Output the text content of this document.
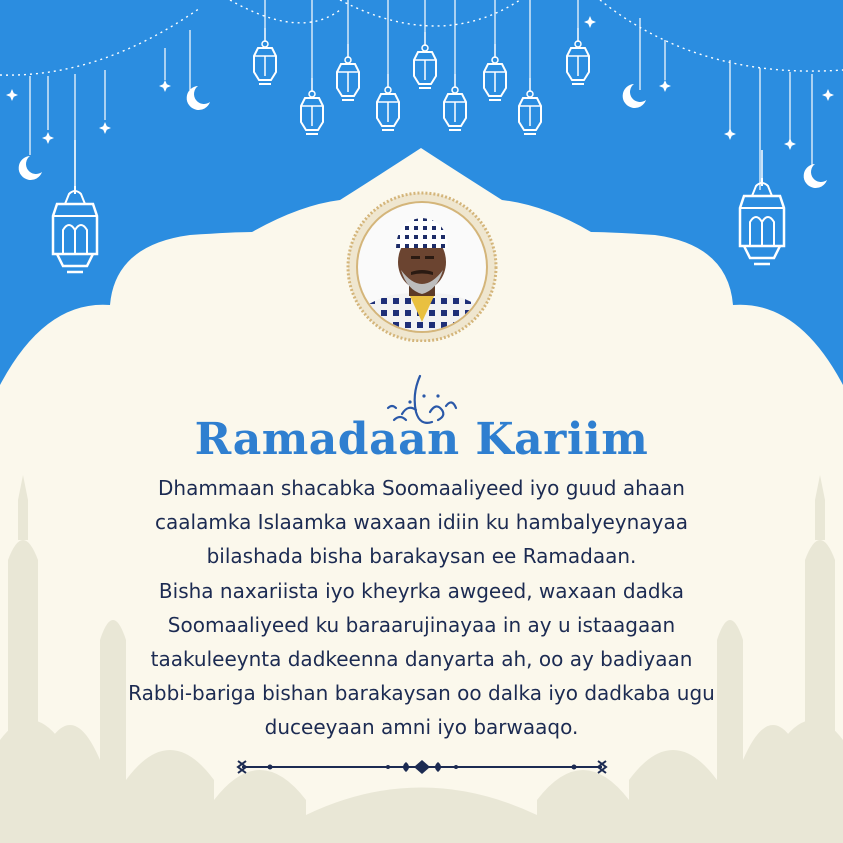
Ramadaan Kariim

Dhammaan shacabka Soomaaliyeed iyo guud ahaan
caalamka Islaamka waxaan idiin ku hambalyeynayaa
bilashada bisha barakaysan ee Ramadaan.
Bisha naxariista iyo kheyrka awgeed, waxaan dadka
Soomaaliyeed ku baraarujinayaa in ay u istaagaan
taakuleeynta dadkeenna danyarta ah, oo ay badiyaan
Rabbi-bariga bishan barakaysan oo dalka iyo dadkaba ugu
duceeyaan amni iyo barwaaqo.
